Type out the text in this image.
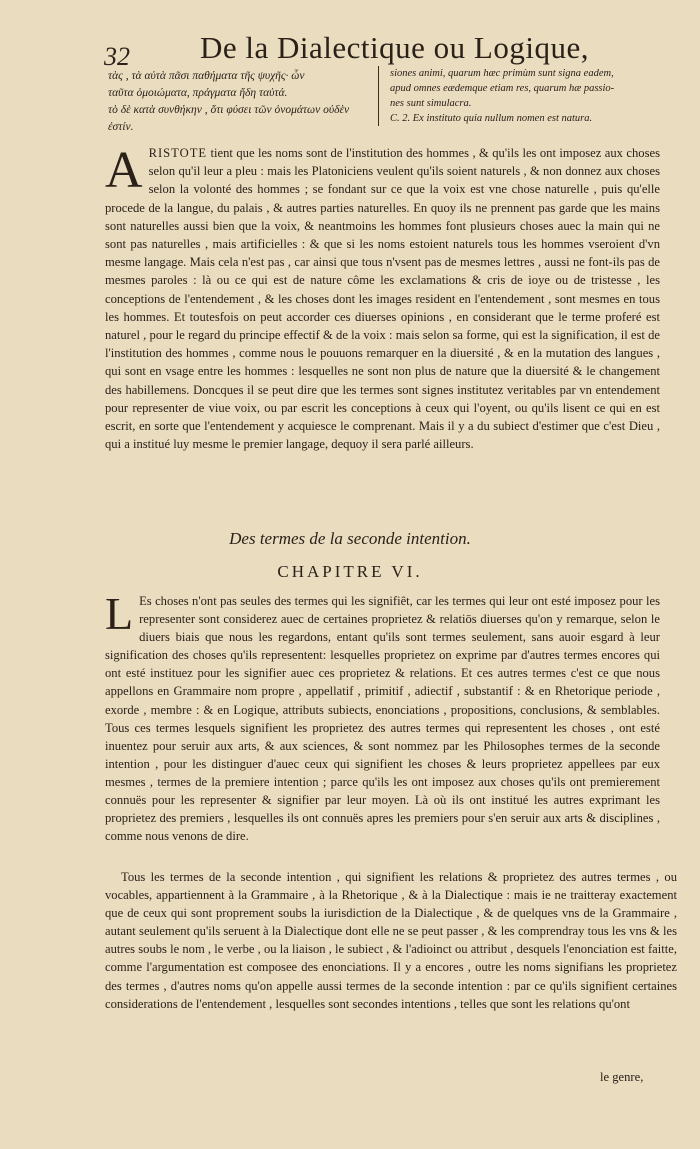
32 De la Dialectique ou Logique,
τὰς , τὰ αὐτὰ πᾶσι παθήματα τῆς ψυχῆς· ὧν
ταῦτα ὁμοιώματα, πράγματα ἤδη ταὐτά.
τὸ δὲ κατὰ συνθήκην , ὅτι φύσει τῶν ὀνομάτων οὐδὲν
ἐστίν.
siones animi, quarum hæc primùm sunt signa eadem,
apud omnes eædemque etiam res, quarum hæ passio-
nes sunt simulacra.
C. 2. Ex instituto quia nullum nomen est natura.
ARISTOTE tient que les noms sont de l'institution des hommes , & qu'ils les ont imposez aux choses selon qu'il leur a pleu : mais les Platoniciens veulent qu'ils soient naturels , & non donnez aux choses selon la volonté des hommes ; se fondant sur ce que la voix est vne chose naturelle , puis qu'elle procede de la langue, du palais , & autres parties naturelles. En quoy ils ne prennent pas garde que les mains sont naturelles aussi bien que la voix, & neantmoins les hommes font plusieurs choses auec la main qui ne sont pas naturelles , mais artificielles : & que si les noms estoient naturels tous les hommes vseroient d'vn mesme langage. Mais cela n'est pas , car ainsi que tous n'vsent pas de mesmes lettres , aussi ne font-ils pas de mesmes paroles : là ou ce qui est de nature côme les exclamations & cris de ioye ou de tristesse , les conceptions de l'entendement , & les choses dont les images resident en l'entendement , sont mesmes en tous les hommes. Et toutesfois on peut accorder ces diuerses opinions , en considerant que le terme proferé est naturel , pour le regard du principe effectif & de la voix : mais selon sa forme, qui est la signification, il est de l'institution des hommes , comme nous le pouuons remarquer en la diuersité , & en la mutation des langues , qui sont en vsage entre les hommes : lesquelles ne sont non plus de nature que la diuersité & le changement des habillemens. Doncques il se peut dire que les termes sont signes institutez veritables par vn entendement pour representer de viue voix, ou par escrit les conceptions à ceux qui l'oyent, ou qu'ils lisent ce qui en est escrit, en sorte que l'entendement y acquiesce le comprenant. Mais il y a du subiect d'estimer que c'est Dieu , qui a institué luy mesme le premier langage, dequoy il sera parlé ailleurs.
Des termes de la seconde intention.
CHAPITRE VI.
L Es choses n'ont pas seules des termes qui les signifiêt, car les termes qui leur ont esté imposez pour les representer sont considerez auec de certaines proprietez & relatiōs diuerses qu'on y remarque, selon le diuers biais que nous les regardons, entant qu'ils sont termes seulement, sans auoir esgard à leur signification des choses qu'ils representent: lesquelles proprietez on exprime par d'autres termes encores qui ont esté instituez pour les signifier auec ces proprietez & relations. Et ces autres termes c'est ce que nous appellons en Grammaire nom propre , appellatif , primitif , adiectif , substantif : & en Rhetorique periode , exorde , membre : & en Logique, attributs subiects, enonciations , propositions, conclusions, & semblables. Tous ces termes lesquels signifient les proprietez des autres termes qui representent les choses , ont esté inuentez pour seruir aux arts, & aux sciences, & sont nommez par les Philosophes termes de la seconde intention , pour les distinguer d'auec ceux qui signifient les choses & leurs proprietez appellees par eux mesmes , termes de la premiere intention ; parce qu'ils les ont imposez aux choses qu'ils ont premierement connuës pour les representer & signifier par leur moyen. Là où ils ont institué les autres exprimant les proprietez des premiers , lesquelles ils ont connuës apres les premiers pour s'en seruir aux arts & disciplines , comme nous venons de dire.
Tous les termes de la seconde intention , qui signifient les relations & proprietez des autres termes , ou vocables, appartiennent à la Grammaire , à la Rhetorique , & à la Dialectique : mais ie ne traitteray exactement que de ceux qui sont proprement soubs la iurisdiction de la Dialectique , & de quelques vns de la Grammaire , autant seulement qu'ils seruent à la Dialectique dont elle ne se peut passer , & les comprendray tous les vns & les autres soubs le nom , le verbe , ou la liaison , le subiect , & l'adioinct ou attribut , desquels l'enonciation est faitte, comme l'argumentation est composee des enonciations. Il y a encores , outre les noms signifians les proprietez des termes , d'autres noms qu'on appelle aussi termes de la seconde intention : par ce qu'ils signifient certaines considerations de l'entendement , lesquelles sont secondes intentions , telles que sont les relations qu'ont
le genre,
